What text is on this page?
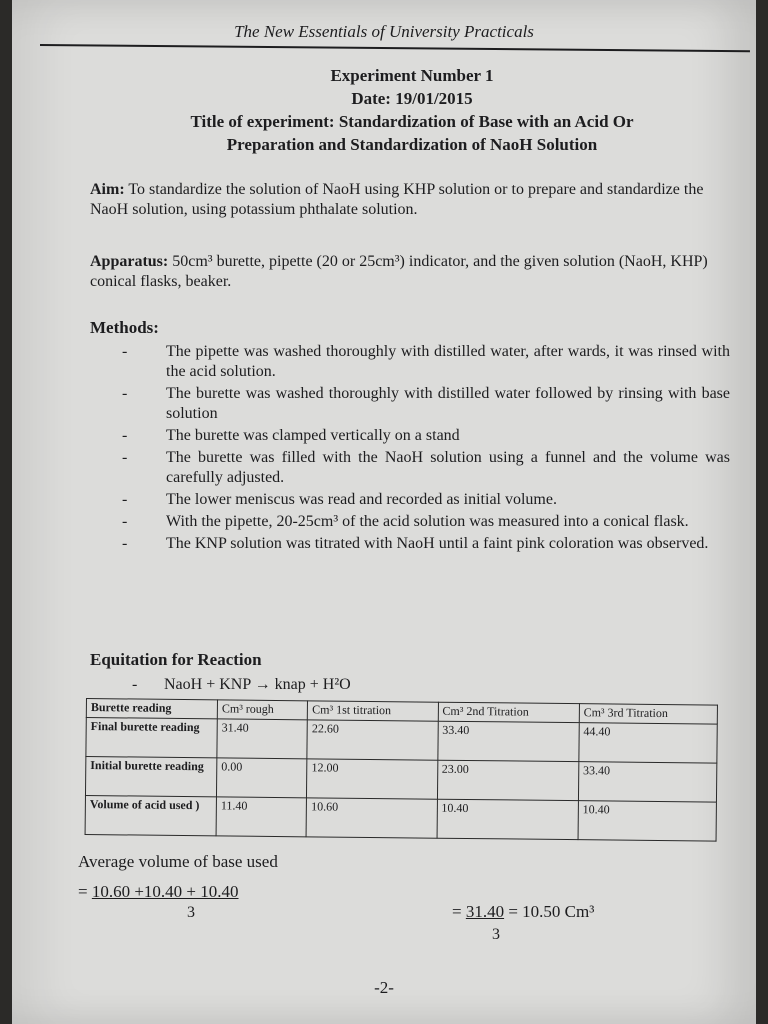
The New Essentials of University Practicals
Experiment Number 1
Date: 19/01/2015
Title of experiment: Standardization of Base with an Acid Or
Preparation and Standardization of NaoH Solution
Aim: To standardize the solution of NaoH using KHP solution or to prepare and standardize the NaoH solution, using potassium phthalate solution.
Apparatus: 50cm³ burette, pipette (20 or 25cm³) indicator, and the given solution (NaoH, KHP) conical flasks, beaker.
Methods:
- The pipette was washed thoroughly with distilled water, after wards, it was rinsed with the acid solution.
- The burette was washed thoroughly with distilled water followed by rinsing with base solution
- The burette was clamped vertically on a stand
- The burette was filled with the NaoH solution using a funnel and the volume was carefully adjusted.
- The lower meniscus was read and recorded as initial volume.
- With the pipette, 20-25cm³ of the acid solution was measured into a conical flask.
- The KNP solution was titrated with NaoH until a faint pink coloration was observed.
Equitation for Reaction
- NaoH + KNP → knap + H²O
Burette reading	Cm³ rough	Cm³ 1st titration	Cm³ 2nd Titration	Cm³ 3rd Titration
Final burette reading	31.40	22.60	33.40	44.40
Initial burette reading	0.00	12.00	23.00	33.40
Volume of acid used )	11.40	10.60	10.40	10.40
Average volume of base used
= 10.60 +10.40 + 10.40
3	= 31.40 = 10.50 Cm³
3
-2-
